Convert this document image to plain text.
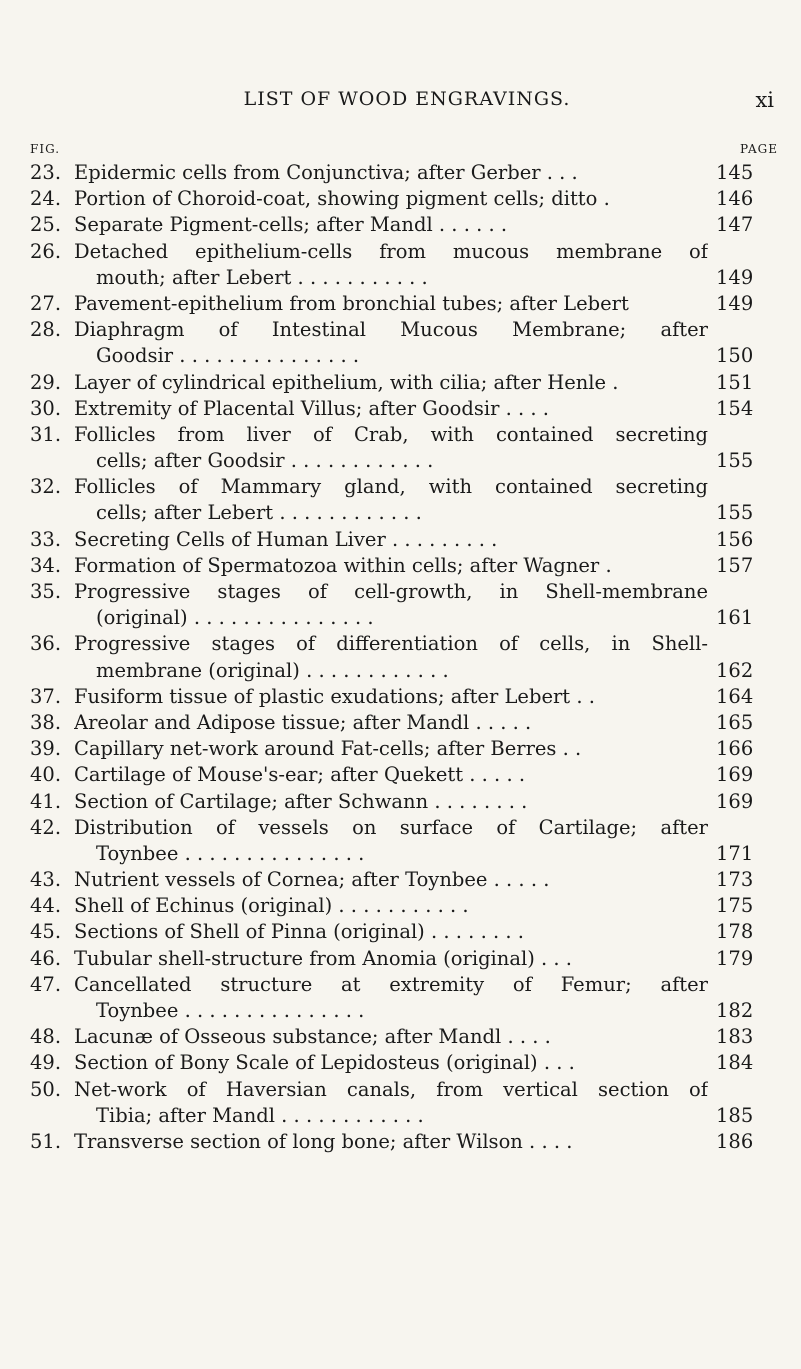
LIST OF WOOD ENGRAVINGS.	xi
FIG.	PAGE
23. Epidermic cells from Conjunctiva; after Gerber . . .	145
24. Portion of Choroid-coat, showing pigment cells; ditto .	146
25. Separate Pigment-cells; after Mandl . . . . . .	147
26. Detached epithelium-cells from mucous membrane of
mouth; after Lebert . . . . . . . . . . .	149
27. Pavement-epithelium from bronchial tubes; after Lebert	149
28. Diaphragm of Intestinal Mucous Membrane; after
Goodsir . . . . . . . . . . . . . . .	150
29. Layer of cylindrical epithelium, with cilia; after Henle .	151
30. Extremity of Placental Villus; after Goodsir . . . .	154
31. Follicles from liver of Crab, with contained secreting
cells; after Goodsir . . . . . . . . . . . .	155
32. Follicles of Mammary gland, with contained secreting
cells; after Lebert . . . . . . . . . . . .	155
33. Secreting Cells of Human Liver . . . . . . . . .	156
34. Formation of Spermatozoa within cells; after Wagner .	157
35. Progressive stages of cell-growth, in Shell-membrane
(original) . . . . . . . . . . . . . . .	161
36. Progressive stages of differentiation of cells, in Shell-
membrane (original) . . . . . . . . . . . .	162
37. Fusiform tissue of plastic exudations; after Lebert . .	164
38. Areolar and Adipose tissue; after Mandl . . . . .	165
39. Capillary net-work around Fat-cells; after Berres . .	166
40. Cartilage of Mouse's-ear; after Quekett . . . . .	169
41. Section of Cartilage; after Schwann . . . . . . . .	169
42. Distribution of vessels on surface of Cartilage; after
Toynbee . . . . . . . . . . . . . . .	171
43. Nutrient vessels of Cornea; after Toynbee . . . . .	173
44. Shell of Echinus (original) . . . . . . . . . . .	175
45. Sections of Shell of Pinna (original) . . . . . . . .	178
46. Tubular shell-structure from Anomia (original) . . .	179
47. Cancellated structure at extremity of Femur; after
Toynbee . . . . . . . . . . . . . . .	182
48. Lacunæ of Osseous substance; after Mandl . . . .	183
49. Section of Bony Scale of Lepidosteus (original) . . .	184
50. Net-work of Haversian canals, from vertical section of
Tibia; after Mandl . . . . . . . . . . . .	185
51. Transverse section of long bone; after Wilson . . . .	186
